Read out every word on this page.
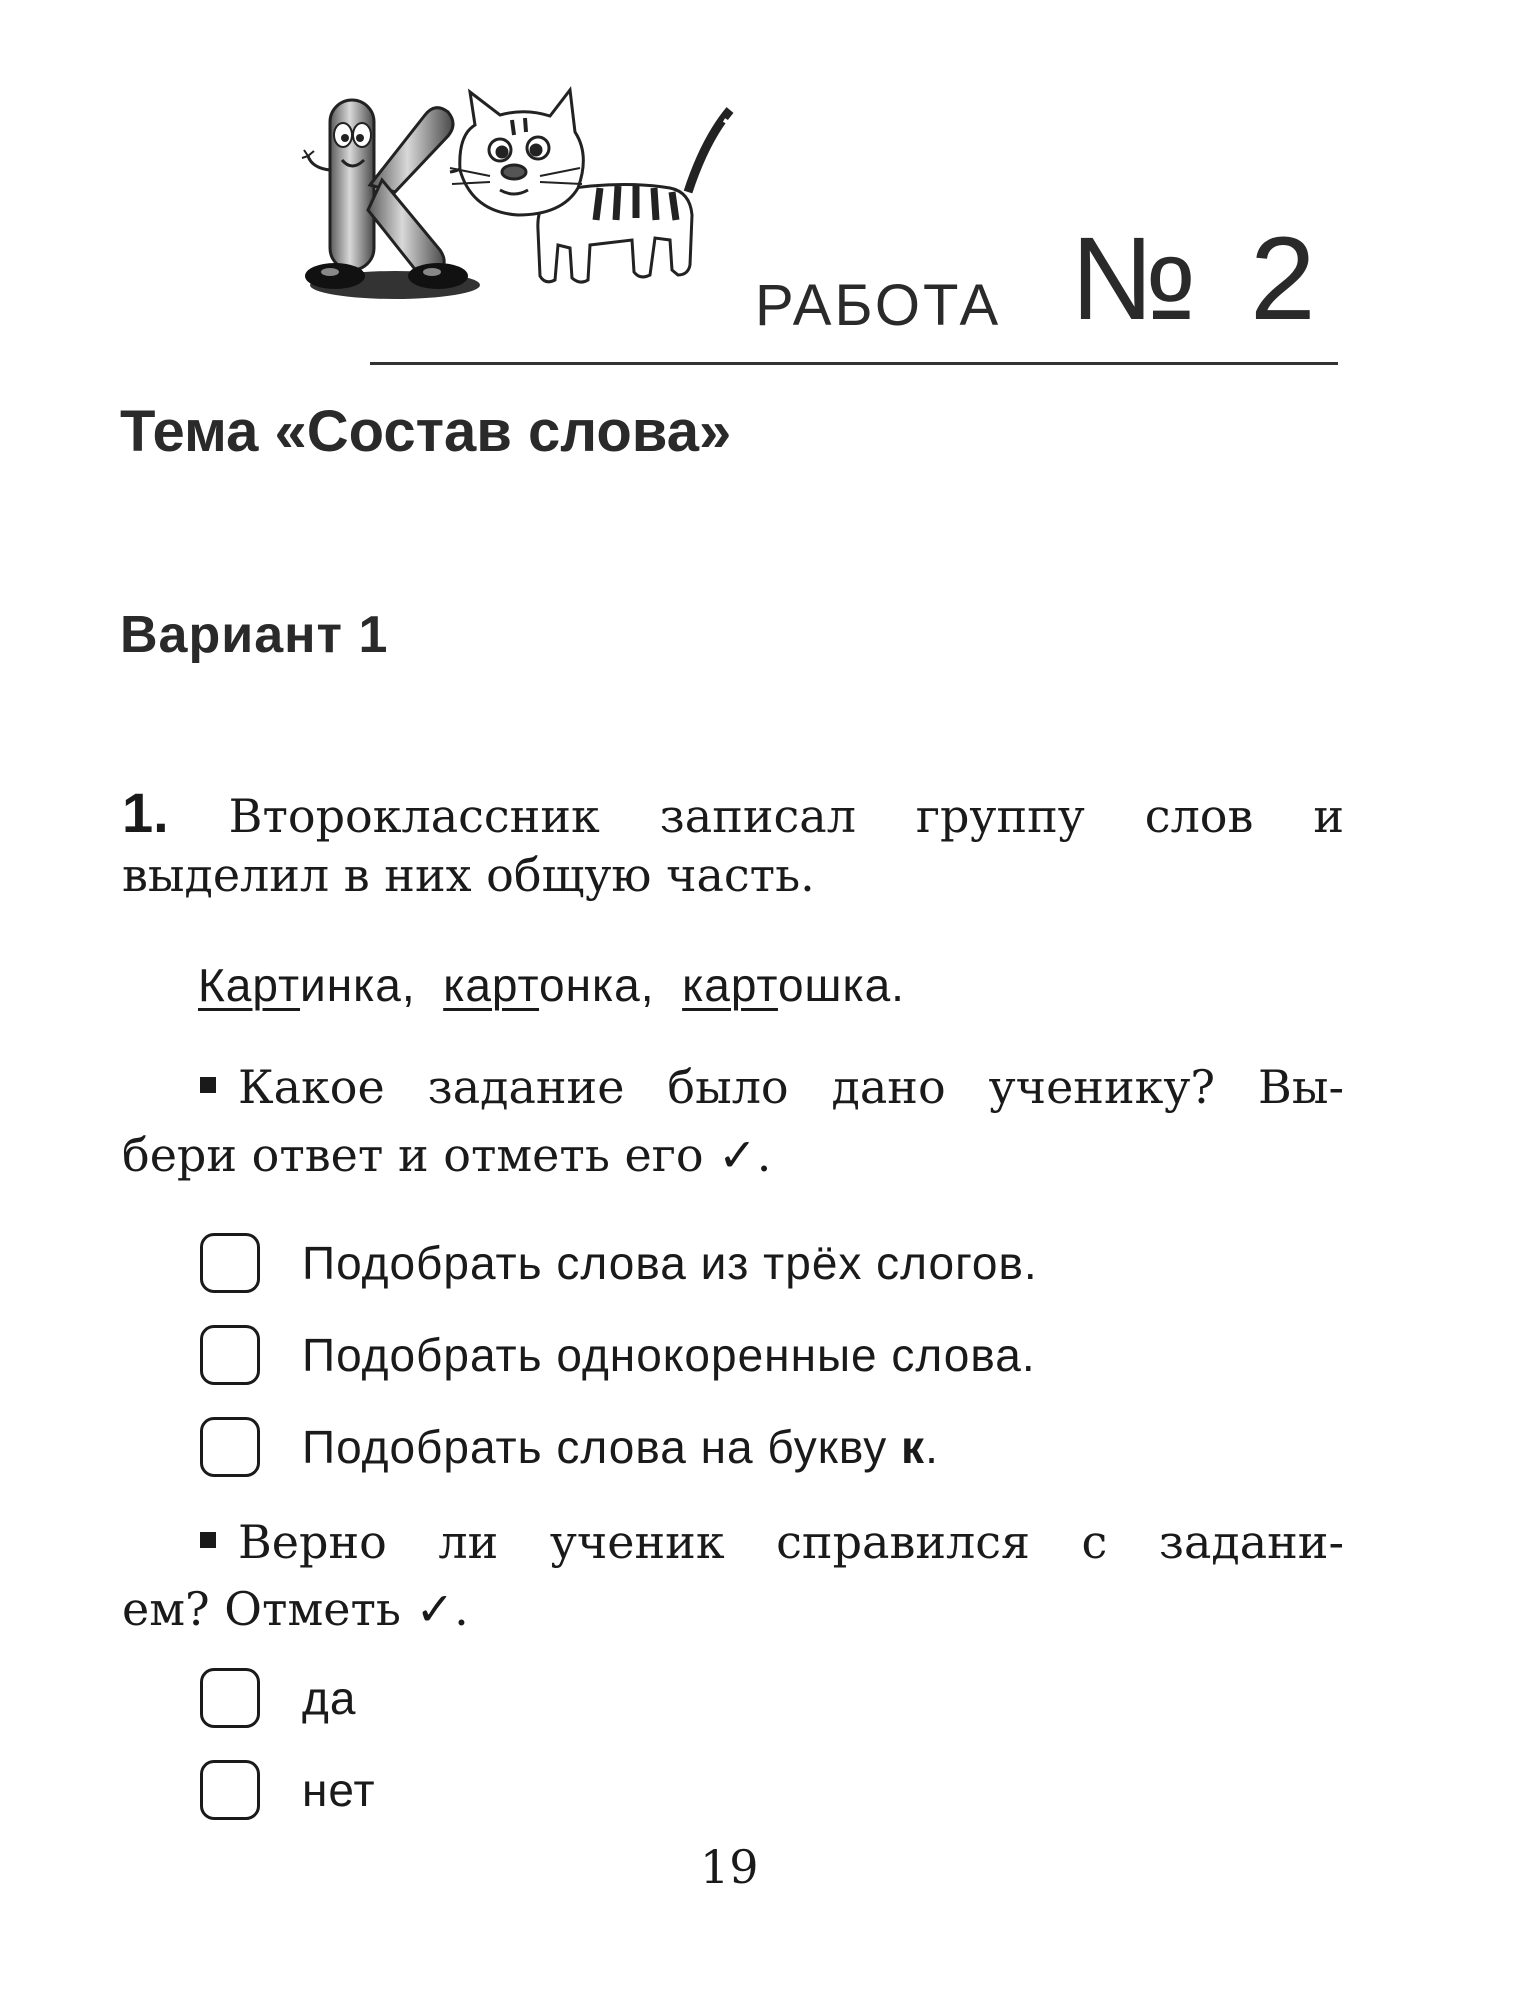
РАБОТА № 2
Тема «Состав слова»
Вариант 1
1. Второклассник записал группу слов и
выделил в них общую часть.
Картинка, картонка, картошка.
Какое задание было дано ученику? Вы-
бери ответ и отметь его ✓.
Подобрать слова из трёх слогов.
Подобрать однокоренные слова.
Подобрать слова на букву к.
Верно ли ученик справился с задани-
ем? Отметь ✓.
да
нет
19
